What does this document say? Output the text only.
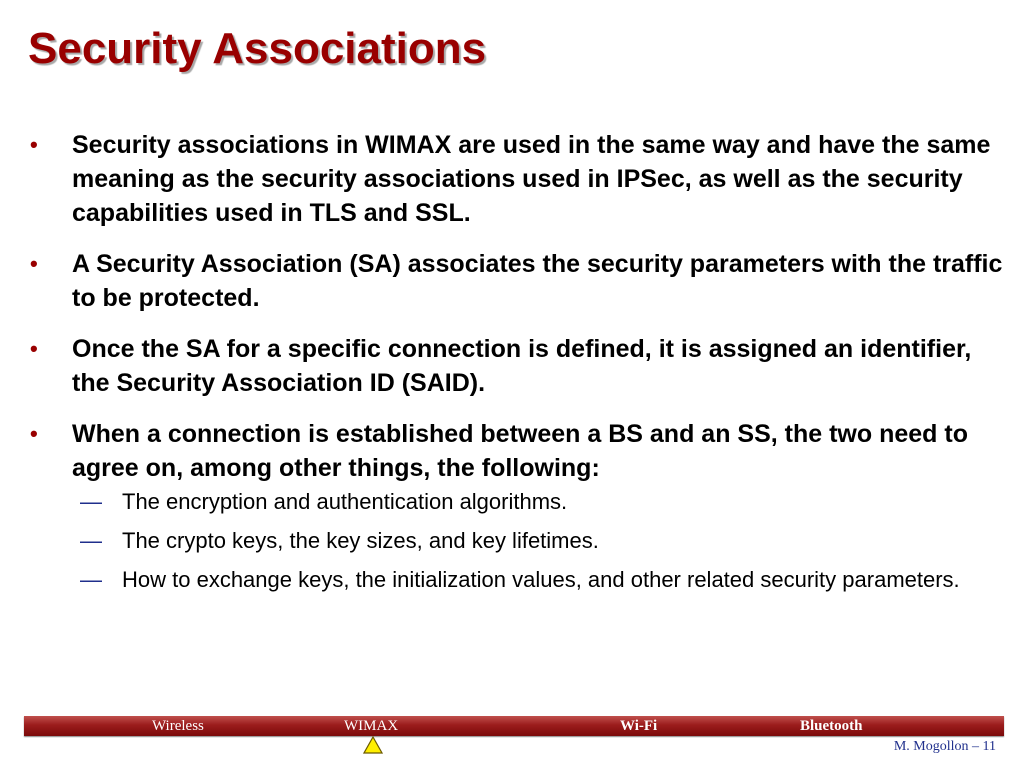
Security Associations
•	Security associations in WIMAX are used in the same way and have the same meaning as the security associations used in IPSec, as well as the security capabilities used in TLS and SSL.
•	A Security Association (SA) associates the security parameters with the traffic to be protected.
•	Once the SA for a specific connection is defined, it is assigned an identifier, the Security Association ID (SAID).
•	When a connection is established between a BS and an SS, the two need to agree on, among other things, the following:
— The encryption and authentication algorithms.
— The crypto keys, the key sizes, and key lifetimes.
— How to exchange keys, the initialization values, and other related security parameters.
Wireless	WIMAX	Wi-Fi	Bluetooth
M. Mogollon – 11
